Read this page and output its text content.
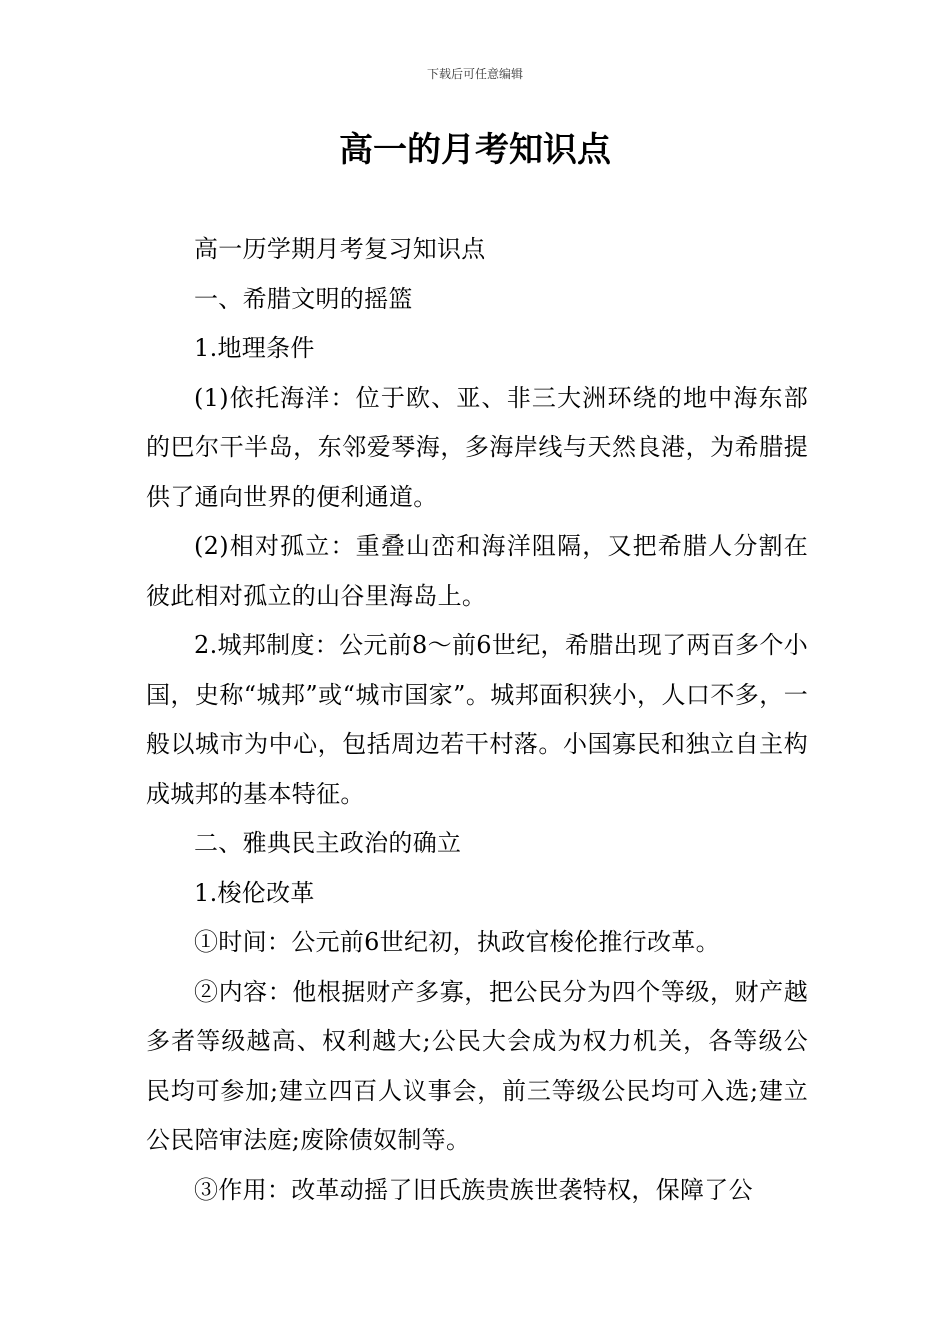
下载后可任意编辑
高一的月考知识点

高一历学期月考复习知识点

一、希腊文明的摇篮

1.地理条件

(1)依托海洋：位于欧、亚、非三大洲环绕的地中海东部的巴尔干半岛，东邻爱琴海，多海岸线与天然良港，为希腊提供了通向世界的便利通道。

(2)相对孤立：重叠山峦和海洋阻隔，又把希腊人分割在彼此相对孤立的山谷里海岛上。

2.城邦制度：公元前8～前6世纪，希腊出现了两百多个小国，史称“城邦”或“城市国家”。城邦面积狭小，人口不多，一般以城市为中心，包括周边若干村落。小国寡民和独立自主构成城邦的基本特征。

二、雅典民主政治的确立

1.梭伦改革

①时间：公元前6世纪初，执政官梭伦推行改革。

②内容：他根据财产多寡，把公民分为四个等级，财产越多者等级越高、权利越大;公民大会成为权力机关，各等级公民均可参加;建立四百人议事会，前三等级公民均可入选;建立公民陪审法庭;废除债奴制等。

③作用：改革动摇了旧氏族贵族世袭特权，保障了公
